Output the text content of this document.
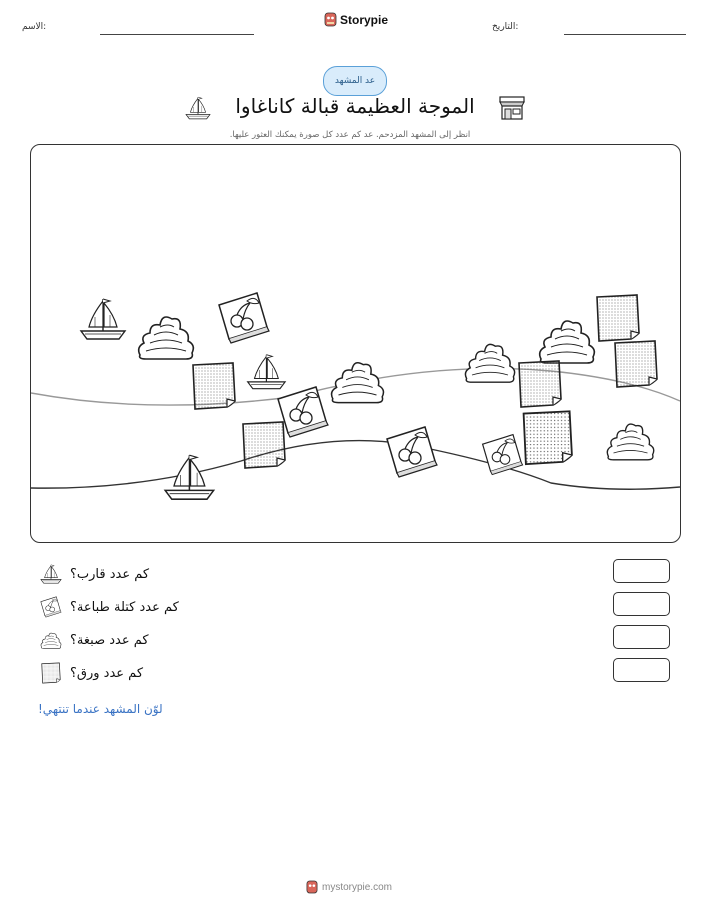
الاسم:
Storypie
التاريخ:
عد المشهد
الموجة العظيمة قبالة كاناغاوا
انظر إلى المشهد المزدحم. عد كم عدد كل صورة يمكنك العثور عليها.
كم عدد قارب؟
كم عدد كتلة طباعة؟
كم عدد صبغة؟
كم عدد ورق؟
لوّن المشهد عندما تنتهي!
mystorypie.com
